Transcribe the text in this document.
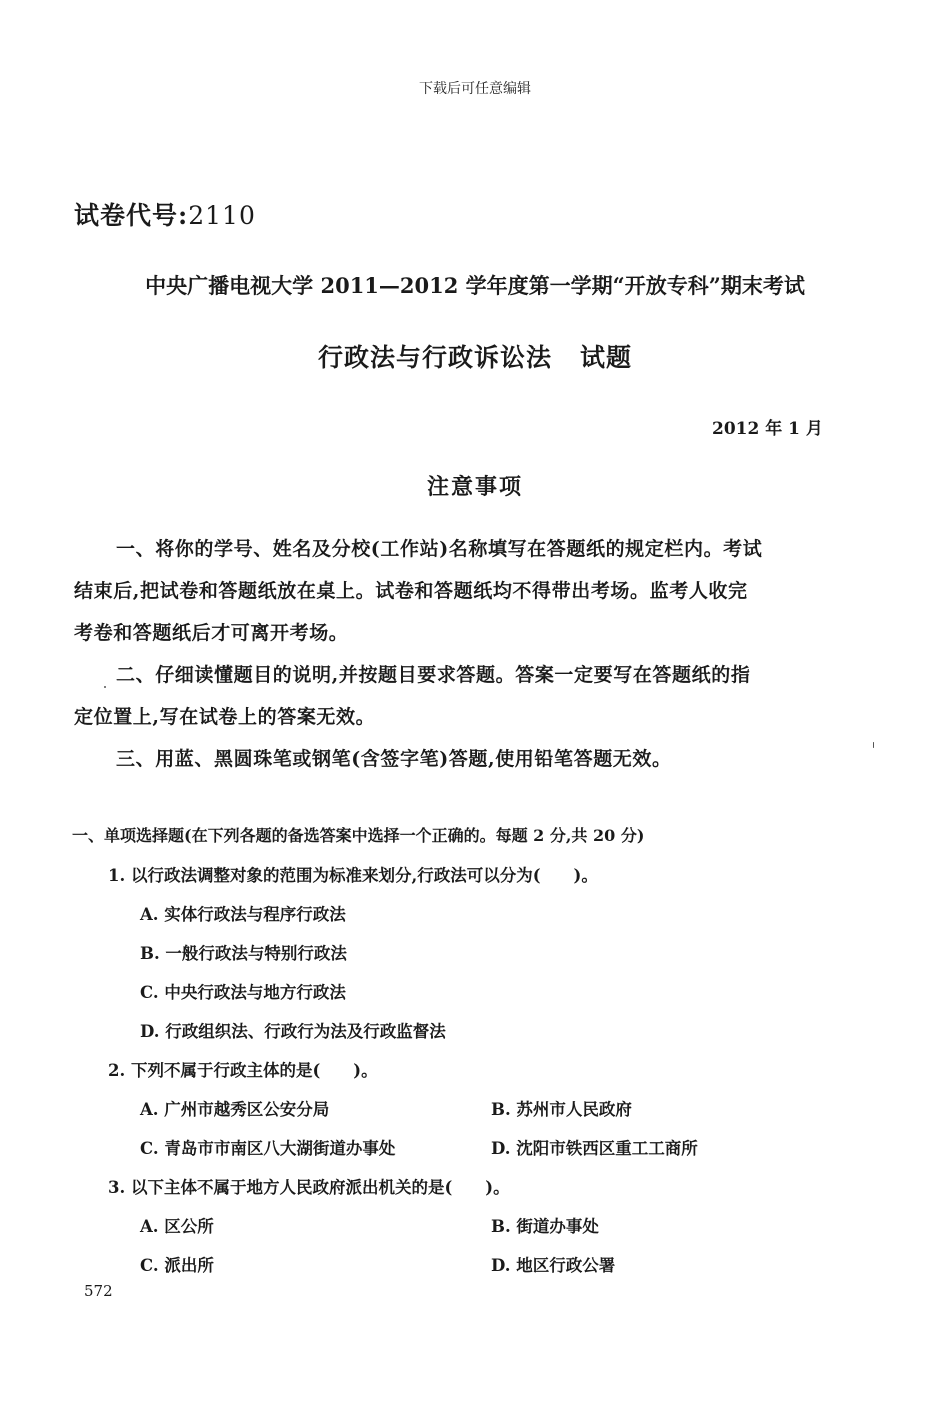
下载后可任意编辑
试卷代号:2110
中央广播电视大学 2011—2012 学年度第一学期“开放专科”期末考试
行政法与行政诉讼法 试题
2012 年 1 月
注意事项
一、将你的学号、姓名及分校(工作站)名称填写在答题纸的规定栏内。考试
结束后,把试卷和答题纸放在桌上。试卷和答题纸均不得带出考场。监考人收完
考卷和答题纸后才可离开考场。
二、仔细读懂题目的说明,并按题目要求答题。答案一定要写在答题纸的指
定位置上,写在试卷上的答案无效。
三、用蓝、黑圆珠笔或钢笔(含签字笔)答题,使用铅笔答题无效。
一、单项选择题(在下列各题的备选答案中选择一个正确的。每题 2 分,共 20 分)
1. 以行政法调整对象的范围为标准来划分,行政法可以分为(　　)。
A. 实体行政法与程序行政法
B. 一般行政法与特别行政法
C. 中央行政法与地方行政法
D. 行政组织法、行政行为法及行政监督法
2. 下列不属于行政主体的是(　　)。
A. 广州市越秀区公安分局	B. 苏州市人民政府
C. 青岛市市南区八大湖街道办事处	D. 沈阳市铁西区重工工商所
3. 以下主体不属于地方人民政府派出机关的是(　　)。
A. 区公所	B. 街道办事处
C. 派出所	D. 地区行政公署
572
